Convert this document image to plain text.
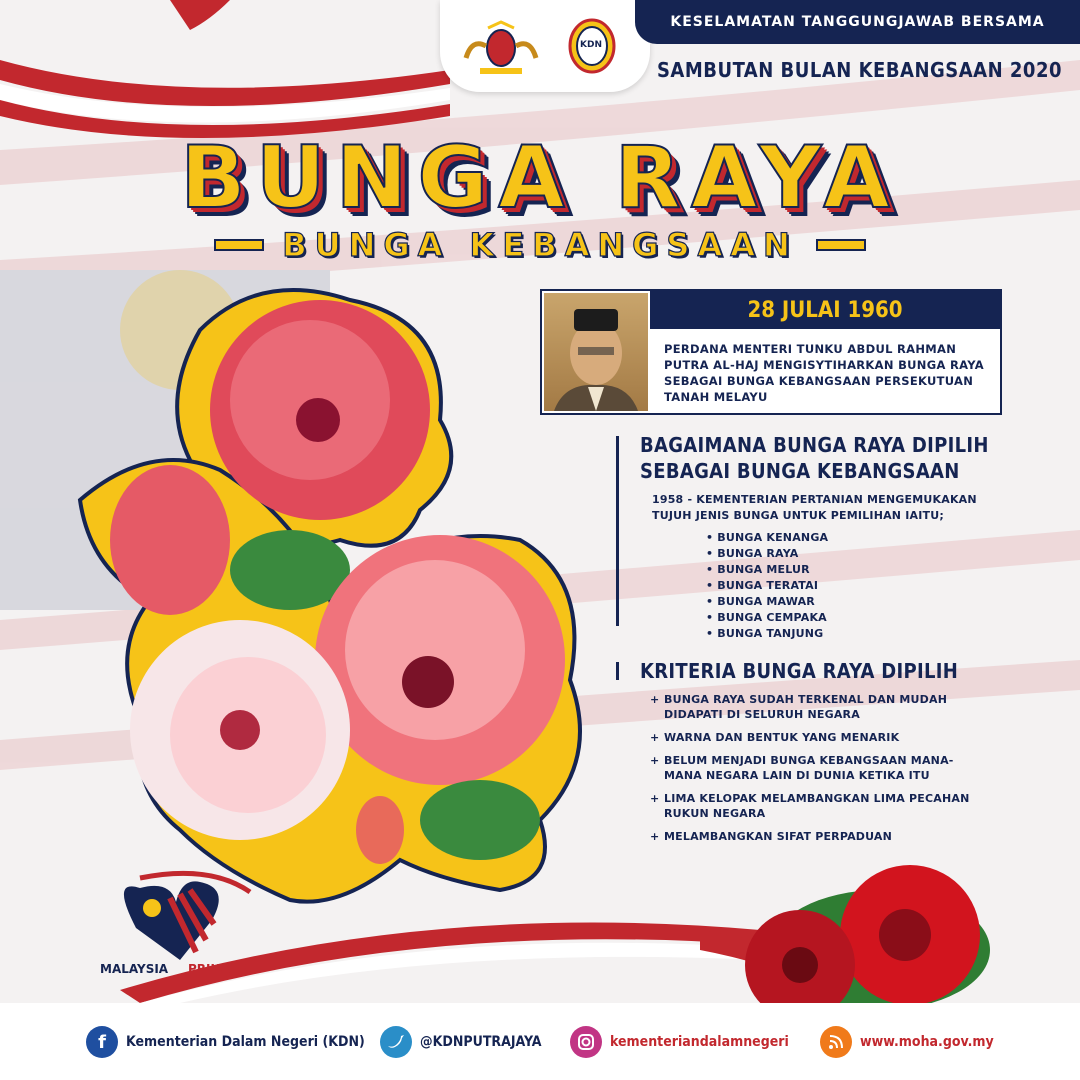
KDN
KESELAMATAN TANGGUNGJAWAB BERSAMA
SAMBUTAN BULAN KEBANGSAAN 2020
BUNGA RAYA
BUNGA KEBANGSAAN
28 JULAI 1960
PERDANA MENTERI TUNKU ABDUL RAHMAN PUTRA AL-HAJ MENGISYTIHARKAN BUNGA RAYA SEBAGAI BUNGA KEBANGSAAN PERSEKUTUAN TANAH MELAYU
BAGAIMANA BUNGA RAYA DIPILIH
SEBAGAI BUNGA KEBANGSAAN
1958 - KEMENTERIAN PERTANIAN MENGEMUKAKAN
TUJUH JENIS BUNGA UNTUK PEMILIHAN IAITU;
• BUNGA KENANGA
• BUNGA RAYA
• BUNGA MELUR
• BUNGA TERATAI
• BUNGA MAWAR
• BUNGA CEMPAKA
• BUNGA TANJUNG
KRITERIA BUNGA RAYA DIPILIH
+ BUNGA RAYA SUDAH TERKENAL DAN MUDAH DIDAPATI DI SELURUH NEGARA
+ WARNA DAN BENTUK YANG MENARIK
+ BELUM MENJADI BUNGA KEBANGSAAN MANA-MANA NEGARA LAIN DI DUNIA KETIKA ITU
+ LIMA KELOPAK MELAMBANGKAN LIMA PECAHAN RUKUN NEGARA
+ MELAMBANGKAN SIFAT PERPADUAN
MALAYSIA PRIHATIN
f	Kementerian Dalam Negeri (KDN)	@KDNPUTRAJAYA	kementeriandalamnegeri	www.moha.gov.my
